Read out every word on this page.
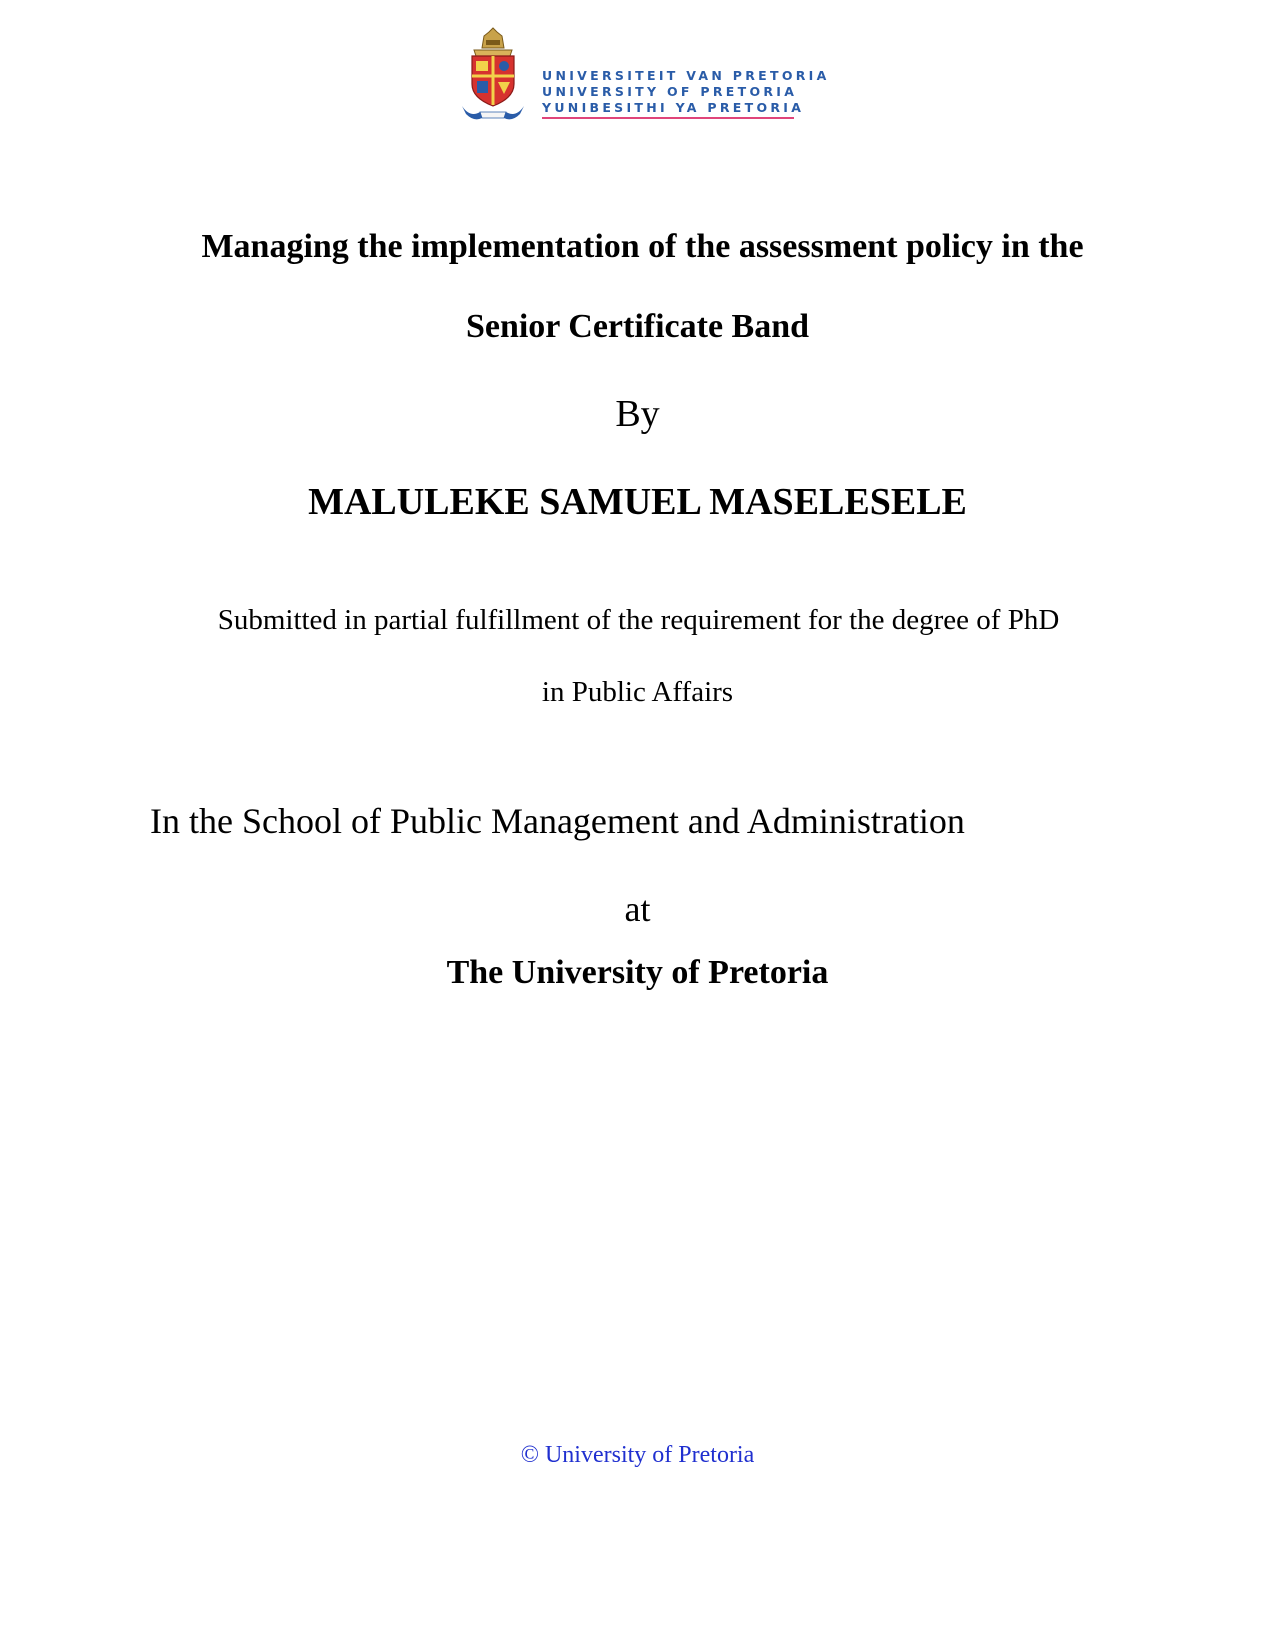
UNIVERSITEIT VAN PRETORIA
UNIVERSITY OF PRETORIA
YUNIBESITHI YA PRETORIA
Managing the implementation of the assessment policy in the
Senior Certificate Band
By
MALULEKE SAMUEL MASELESELE
Submitted in partial fulfillment of the requirement for the degree of PhD
in Public Affairs
In the School of Public Management and Administration
at
The University of Pretoria
© University of Pretoria
